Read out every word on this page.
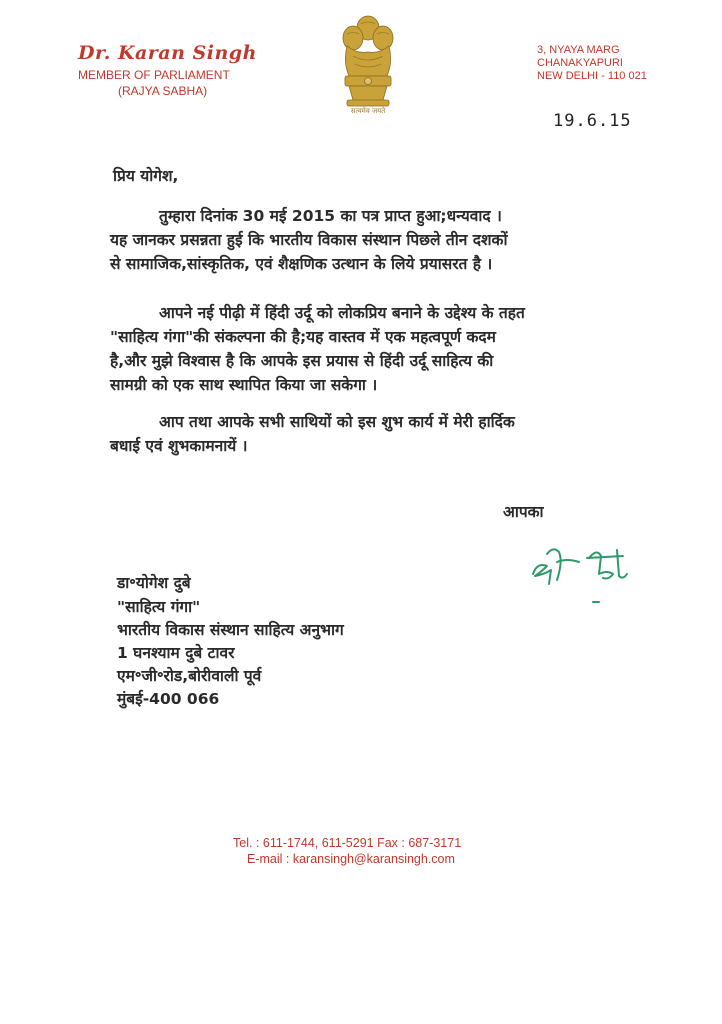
Dr. Karan Singh
MEMBER OF PARLIAMENT
(RAJYA SABHA)
सत्यमेव जयते
3, NYAYA MARG
CHANAKYAPURI
NEW DELHI - 110 021
19.6.15
प्रिय योगेश,
तुम्हारा दिनांक 30 मई 2015 का पत्र प्राप्त हुआ;धन्यवाद ।
यह जानकर प्रसन्नता हुई कि भारतीय विकास संस्थान पिछले तीन दशकों
से सामाजिक,सांस्कृतिक, एवं शैक्षणिक उत्थान के लिये प्रयासरत है ।
आपने नई पीढ़ी में हिंदी उर्दू को लोकप्रिय बनाने के उद्देश्य के तहत
"साहित्य गंगा"की संकल्पना की है;यह वास्तव में एक महत्वपूर्ण कदम
है,और मुझे विश्वास है कि आपके इस प्रयास से हिंदी उर्दू साहित्य की
सामग्री को एक साथ स्थापित किया जा सकेगा ।
आप तथा आपके सभी साथियों को इस शुभ कार्य में मेरी हार्दिक
बधाई एवं शुभकामनायें ।
आपका
डा॰योगेश दुबे
"साहित्य गंगा"
भारतीय विकास संस्थान साहित्य अनुभाग
1 घनश्याम दुबे टावर
एम॰जी॰रोड,बोरीवाली पूर्व
मुंबई-400 066
Tel. : 611-1744, 611-5291 Fax : 687-3171
E-mail : karansingh@karansingh.com
